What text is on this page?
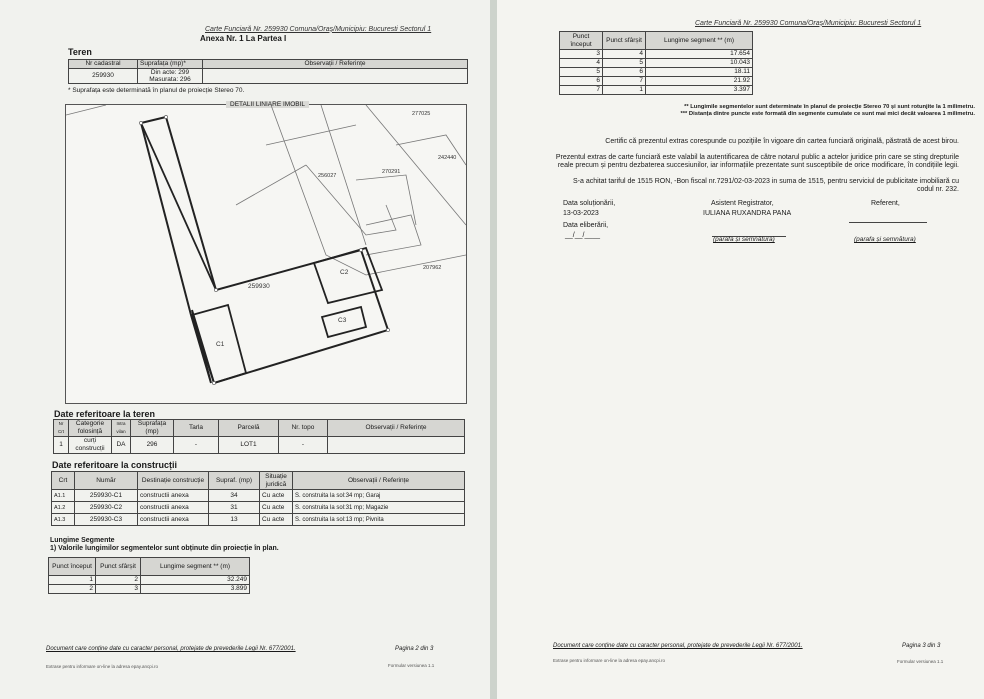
Carte Funciară Nr. 259930 Comuna/Oraș/Municipiu: Bucuresti Sectorul 1
Anexa Nr. 1 La Partea I
Teren
Nr cadastral	Suprafața (mp)*	Observații / Referințe
259930	Din acte: 299
Masurata: 296	

* Suprafața este determinată în planul de proiecție Stereo 70.
DETALII LINIARE IMOBIL
277025
242440
256027
270291
207962
259930
C1
C2
C3
Date referitoare la teren
Nr Crt	Categorie folosință	Intra vilan	Suprafața (mp)	Tarla	Parcelă	Nr. topo	Observații / Referințe
1	curți construcții	DA	296	-	LOT1	-	
Date referitoare la construcții
Crt	Număr	Destinație construcție	Supraf. (mp)	Situație juridică	Observații / Referințe
A1.1	259930-C1	constructii anexa	34	Cu acte	S. construita la sol:34 mp; Garaj
A1.2	259930-C2	constructii anexa	31	Cu acte	S. construita la sol:31 mp; Magazie
A1.3	259930-C3	constructii anexa	13	Cu acte	S. construita la sol:13 mp; Pivnita
Lungime Segmente
1) Valorile lungimilor segmentelor sunt obținute din proiecție în plan.
Punct început	Punct sfârșit	Lungime segment ** (m)
1	2	32.249
2	3	3.899
Document care conține date cu caracter personal, protejate de prevederile Legii Nr. 677/2001.	Pagina 2 din 3
Extrase pentru informare on-line la adresa epay.ancpi.ro	Formular versiunea 1.1
Carte Funciară Nr. 259930 Comuna/Oraș/Municipiu: Bucuresti Sectorul 1
Punct început	Punct sfârșit	Lungime segment ** (m)
3	4	17.654
4	5	10.043
5	6	18.11
6	7	21.92
7	1	3.397
** Lungimile segmentelor sunt determinate în planul de proiecție Stereo 70 și sunt rotunjite la 1 milimetru.
*** Distanța dintre puncte este formată din segmente cumulate ce sunt mai mici decât valoarea 1 milimetru.
Certific că prezentul extras corespunde cu poziţiile în vigoare din cartea funciară originală, păstrată de acest birou.
Prezentul extras de carte funciară este valabil la autentificarea de către notarul public a actelor juridice prin care se sting drepturile reale precum și pentru dezbaterea succesiunilor, iar informațiile prezentate sunt susceptibile de orice modificare, în condițiile legii.
S-a achitat tariful de 1515 RON, -Bon fiscal nr.7291/02-03-2023 in suma de 1515, pentru serviciul de publicitate imobiliară cu codul nr. 232.
Data soluționării,
13-03-2023
Data eliberării,
__/__/____
Asistent Registrator,
IULIANA RUXANDRA PANA
Referent,
(parafa și semnătura)	(parafa și semnătura)
Document care conține date cu caracter personal, protejate de prevederile Legii Nr. 677/2001.	Pagina 3 din 3
Extrase pentru informare on-line la adresa epay.ancpi.ro	Formular versiunea 1.1
